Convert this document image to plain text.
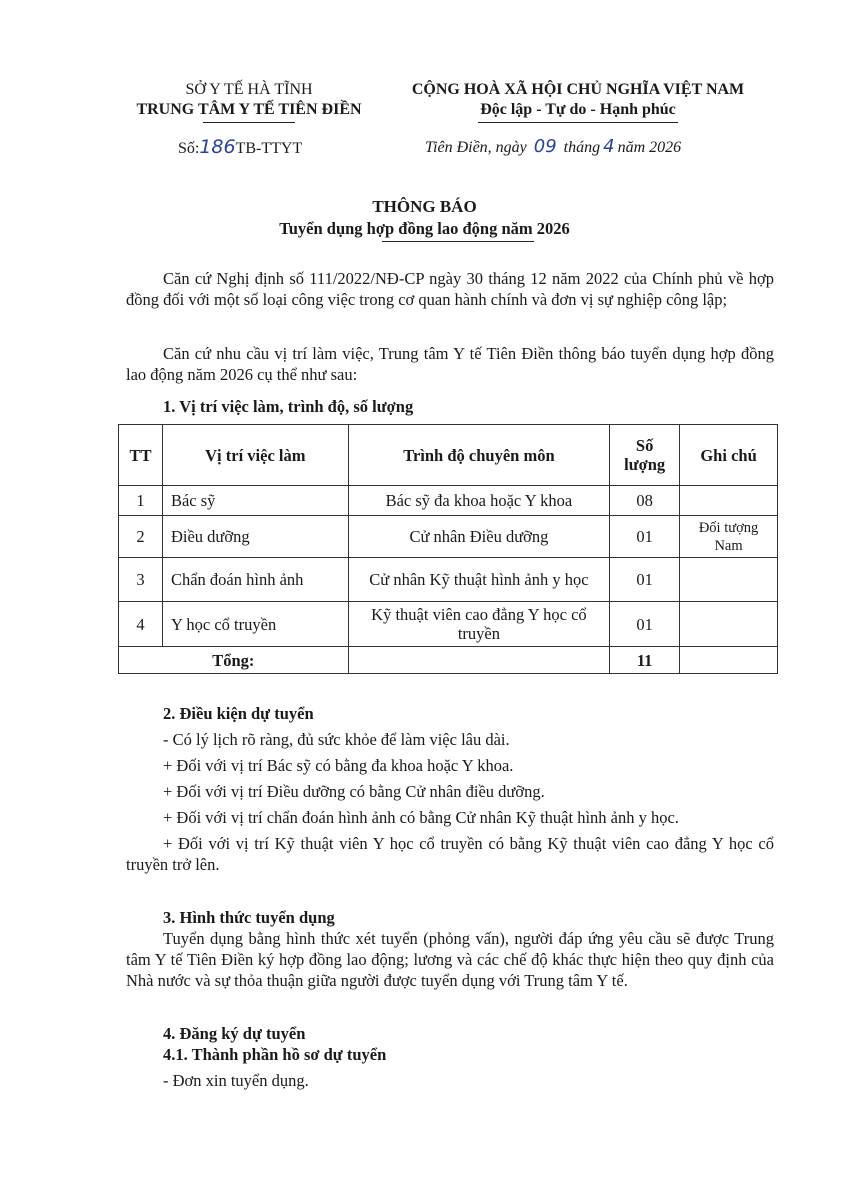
SỞ Y TẾ HÀ TĨNH
TRUNG TÂM Y TẾ TIÊN ĐIỀN
CỘNG HOÀ XÃ HỘI CHỦ NGHĨA VIỆT NAM
Độc lập - Tự do - Hạnh phúc
Số:186TB-TTYT	Tiên Điền, ngày 09 tháng 4 năm 2026
THÔNG BÁO
Tuyển dụng hợp đồng lao động năm 2026

Căn cứ Nghị định số 111/2022/NĐ-CP ngày 30 tháng 12 năm 2022 của Chính phủ về hợp đồng đối với một số loại công việc trong cơ quan hành chính và đơn vị sự nghiệp công lập;

Căn cứ nhu cầu vị trí làm việc, Trung tâm Y tế Tiên Điền thông báo tuyển dụng hợp đồng lao động năm 2026 cụ thể như sau:

1. Vị trí việc làm, trình độ, số lượng
TT	Vị trí việc làm	Trình độ chuyên môn	Số lượng	Ghi chú
1	Bác sỹ	Bác sỹ đa khoa hoặc Y khoa	08	
2	Điều dưỡng	Cử nhân Điều dưỡng	01	Đối tượng Nam
3	Chẩn đoán hình ảnh	Cử nhân Kỹ thuật hình ảnh y học	01	
4	Y học cổ truyền	Kỹ thuật viên cao đẳng Y học cổ truyền	01	
Tổng:			11	
2. Điều kiện dự tuyển

- Có lý lịch rõ ràng, đủ sức khỏe để làm việc lâu dài.

+ Đối với vị trí Bác sỹ có bằng đa khoa hoặc Y khoa.

+ Đối với vị trí Điều dưỡng có bằng Cử nhân điều dưỡng.

+ Đối với vị trí chẩn đoán hình ảnh có bằng Cử nhân Kỹ thuật hình ảnh y học.

+ Đối với vị trí Kỹ thuật viên Y học cổ truyền có bằng Kỹ thuật viên cao đẳng Y học cổ truyền trở lên.

3. Hình thức tuyển dụng

Tuyển dụng bằng hình thức xét tuyển (phỏng vấn), người đáp ứng yêu cầu sẽ được Trung tâm Y tế Tiên Điền ký hợp đồng lao động; lương và các chế độ khác thực hiện theo quy định của Nhà nước và sự thỏa thuận giữa người được tuyển dụng với Trung tâm Y tế.

4. Đăng ký dự tuyển
4.1. Thành phần hồ sơ dự tuyển

- Đơn xin tuyển dụng.
